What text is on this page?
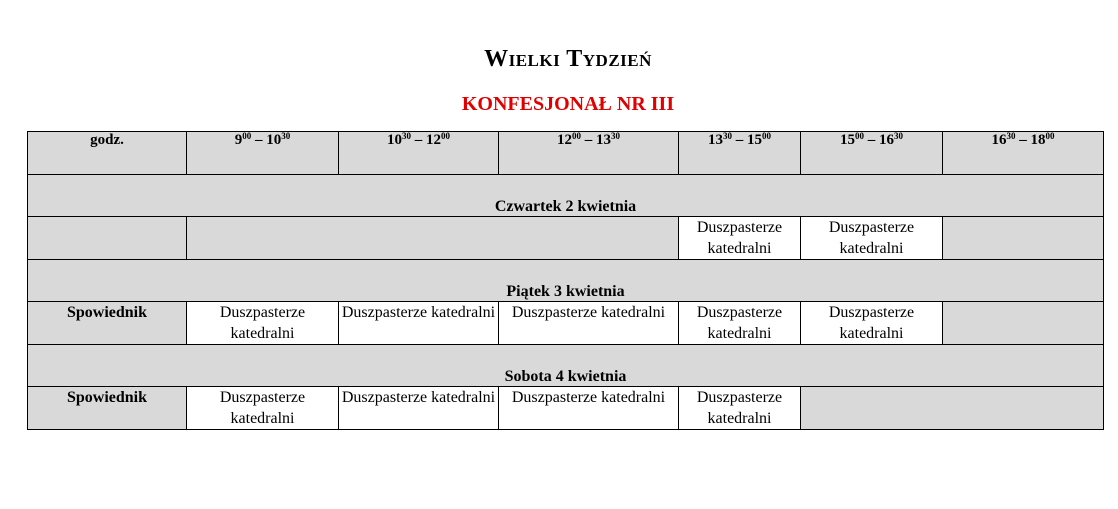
Wielki Tydzień
KONFESJONAŁ NR III
godz.	$9^{00} - 10^{30}$	$10^{30} - 12^{00}$	$12^{00} - 13^{30}$	$13^{30} - 15^{00}$	$15^{00} - 16^{30}$	$16^{30} - 18^{00}$
Czwartek 2 kwietnia						
				Duszpasterze katedralni	Duszpasterze katedralni	
Piątek 3 kwietnia						
Spowiednik	Duszpasterze katedralni	Duszpasterze katedralni	Duszpasterze katedralni	Duszpasterze katedralni	Duszpasterze katedralni	
Sobota 4 kwietnia						
Spowiednik	Duszpasterze katedralni	Duszpasterze katedralni	Duszpasterze katedralni	Duszpasterze katedralni		
